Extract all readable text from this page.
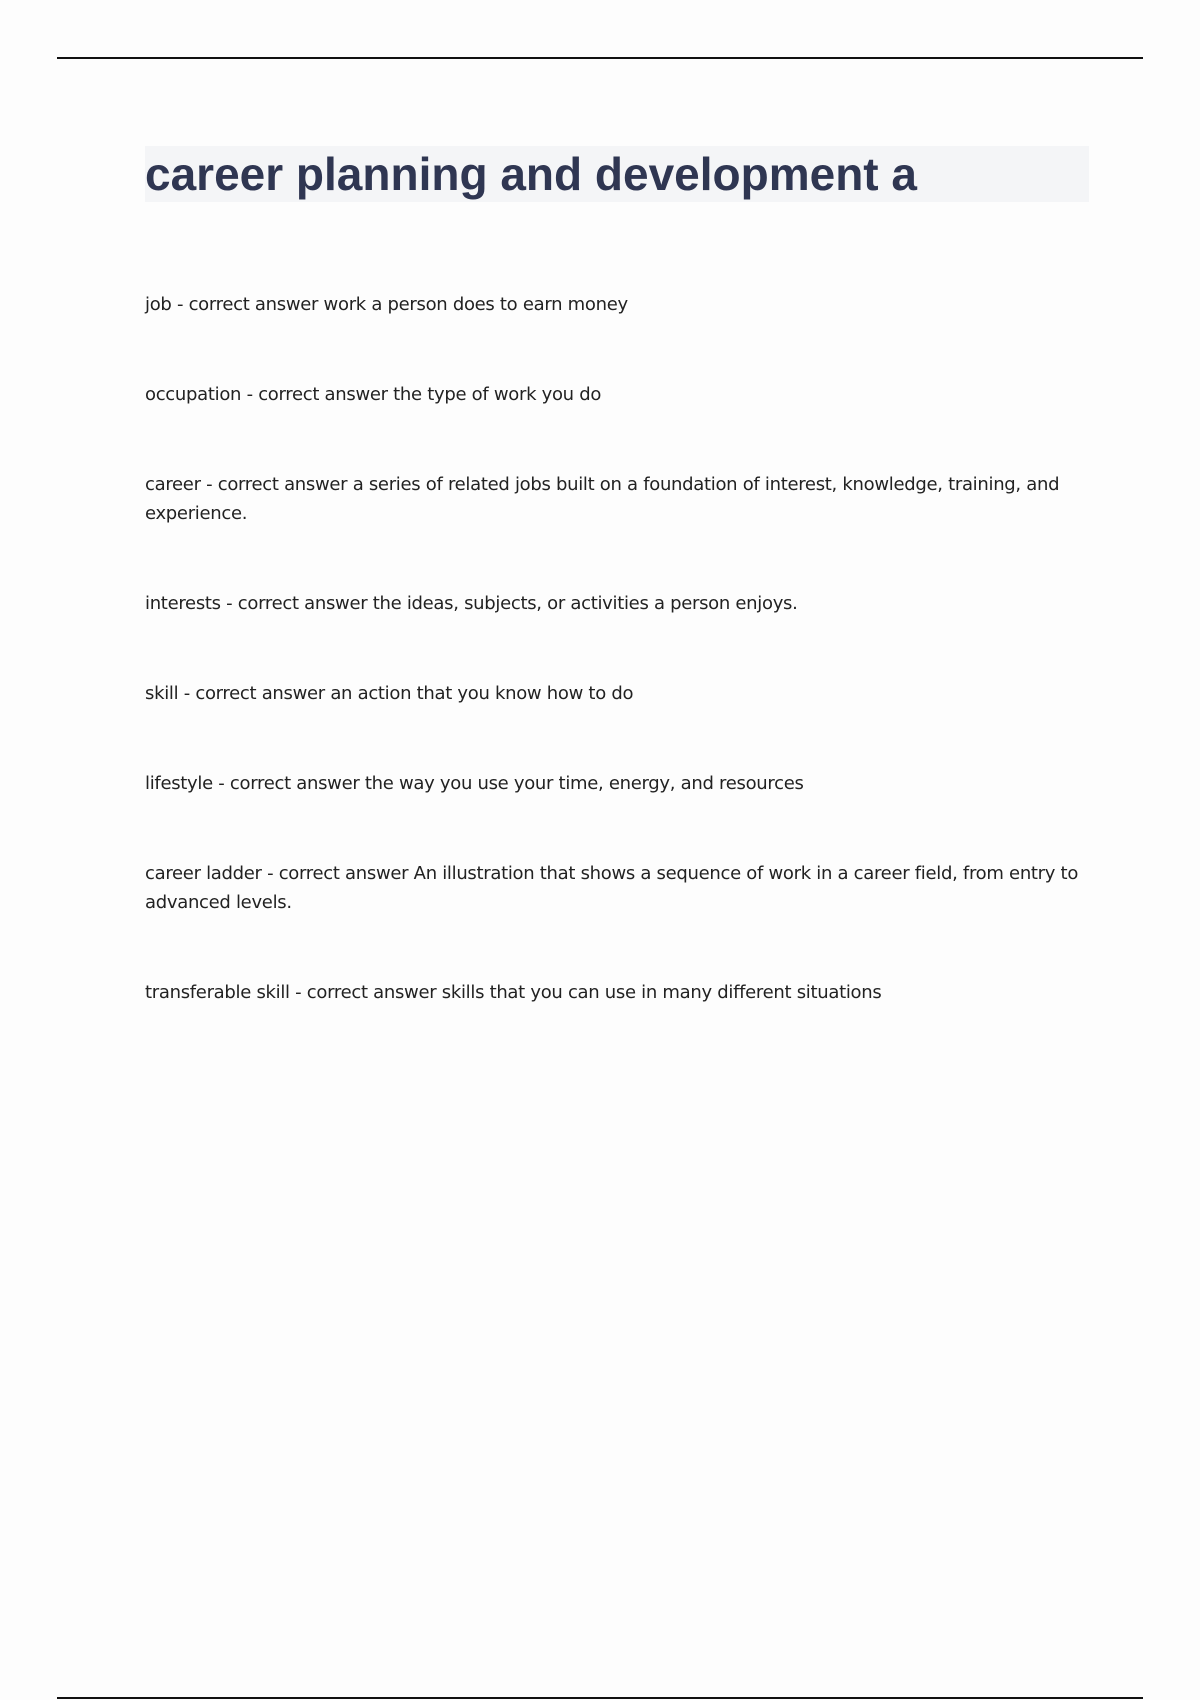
career planning and development a
job - correct answer work a person does to earn money
occupation - correct answer the type of work you do
career - correct answer a series of related jobs built on a foundation of interest, knowledge, training, and experience.
interests - correct answer the ideas, subjects, or activities a person enjoys.
skill - correct answer an action that you know how to do
lifestyle - correct answer the way you use your time, energy, and resources
career ladder - correct answer An illustration that shows a sequence of work in a career field, from entry to advanced levels.
transferable skill - correct answer skills that you can use in many different situations
